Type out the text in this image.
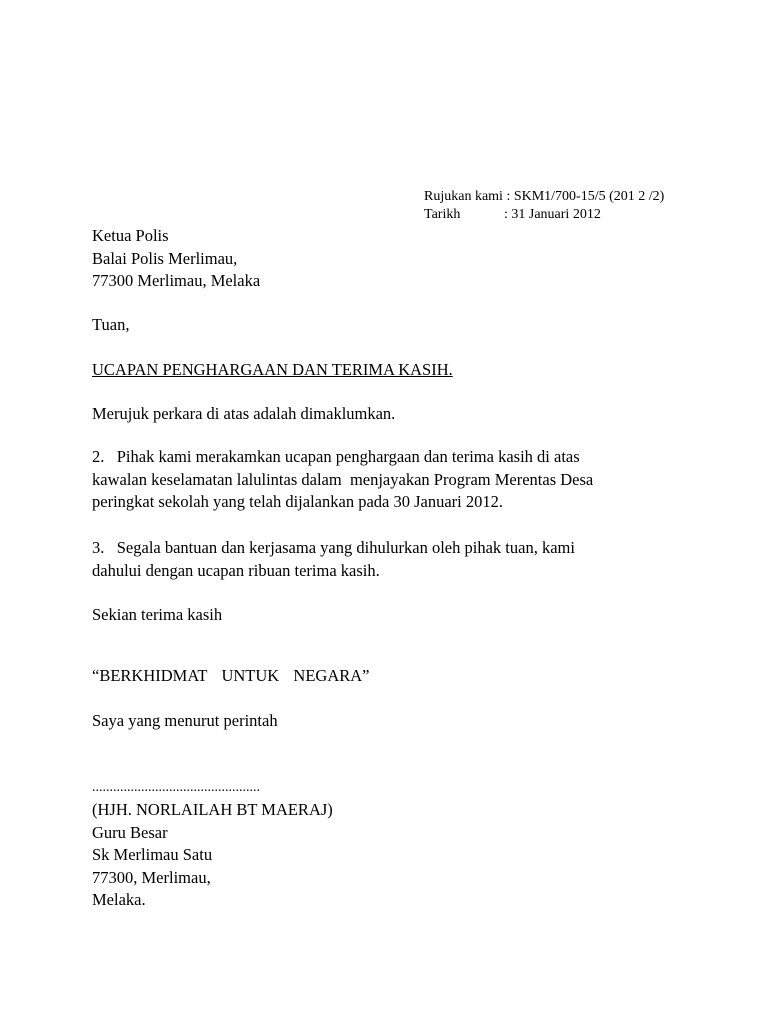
Rujukan kami : SKM1/700-15/5 (201 2 /2)
Tarikh	: 31 Januari 2012
Ketua Polis
Balai Polis Merlimau,
77300 Merlimau, Melaka
Tuan,
UCAPAN PENGHARGAAN DAN TERIMA KASIH.
Merujuk perkara di atas adalah dimaklumkan.
2.   Pihak kami merakamkan ucapan penghargaan dan terima kasih di atas
kawalan keselamatan lalulintas dalam  menjayakan Program Merentas Desa
peringkat sekolah yang telah dijalankan pada 30 Januari 2012.
3.   Segala bantuan dan kerjasama yang dihulurkan oleh pihak tuan, kami
dahului dengan ucapan ribuan terima kasih.
Sekian terima kasih
“BERKHIDMAT  UNTUK  NEGARA”
Saya yang menurut perintah
................................................
(HJH. NORLAILAH BT MAERAJ)
Guru Besar
Sk Merlimau Satu
77300, Merlimau,
Melaka.
